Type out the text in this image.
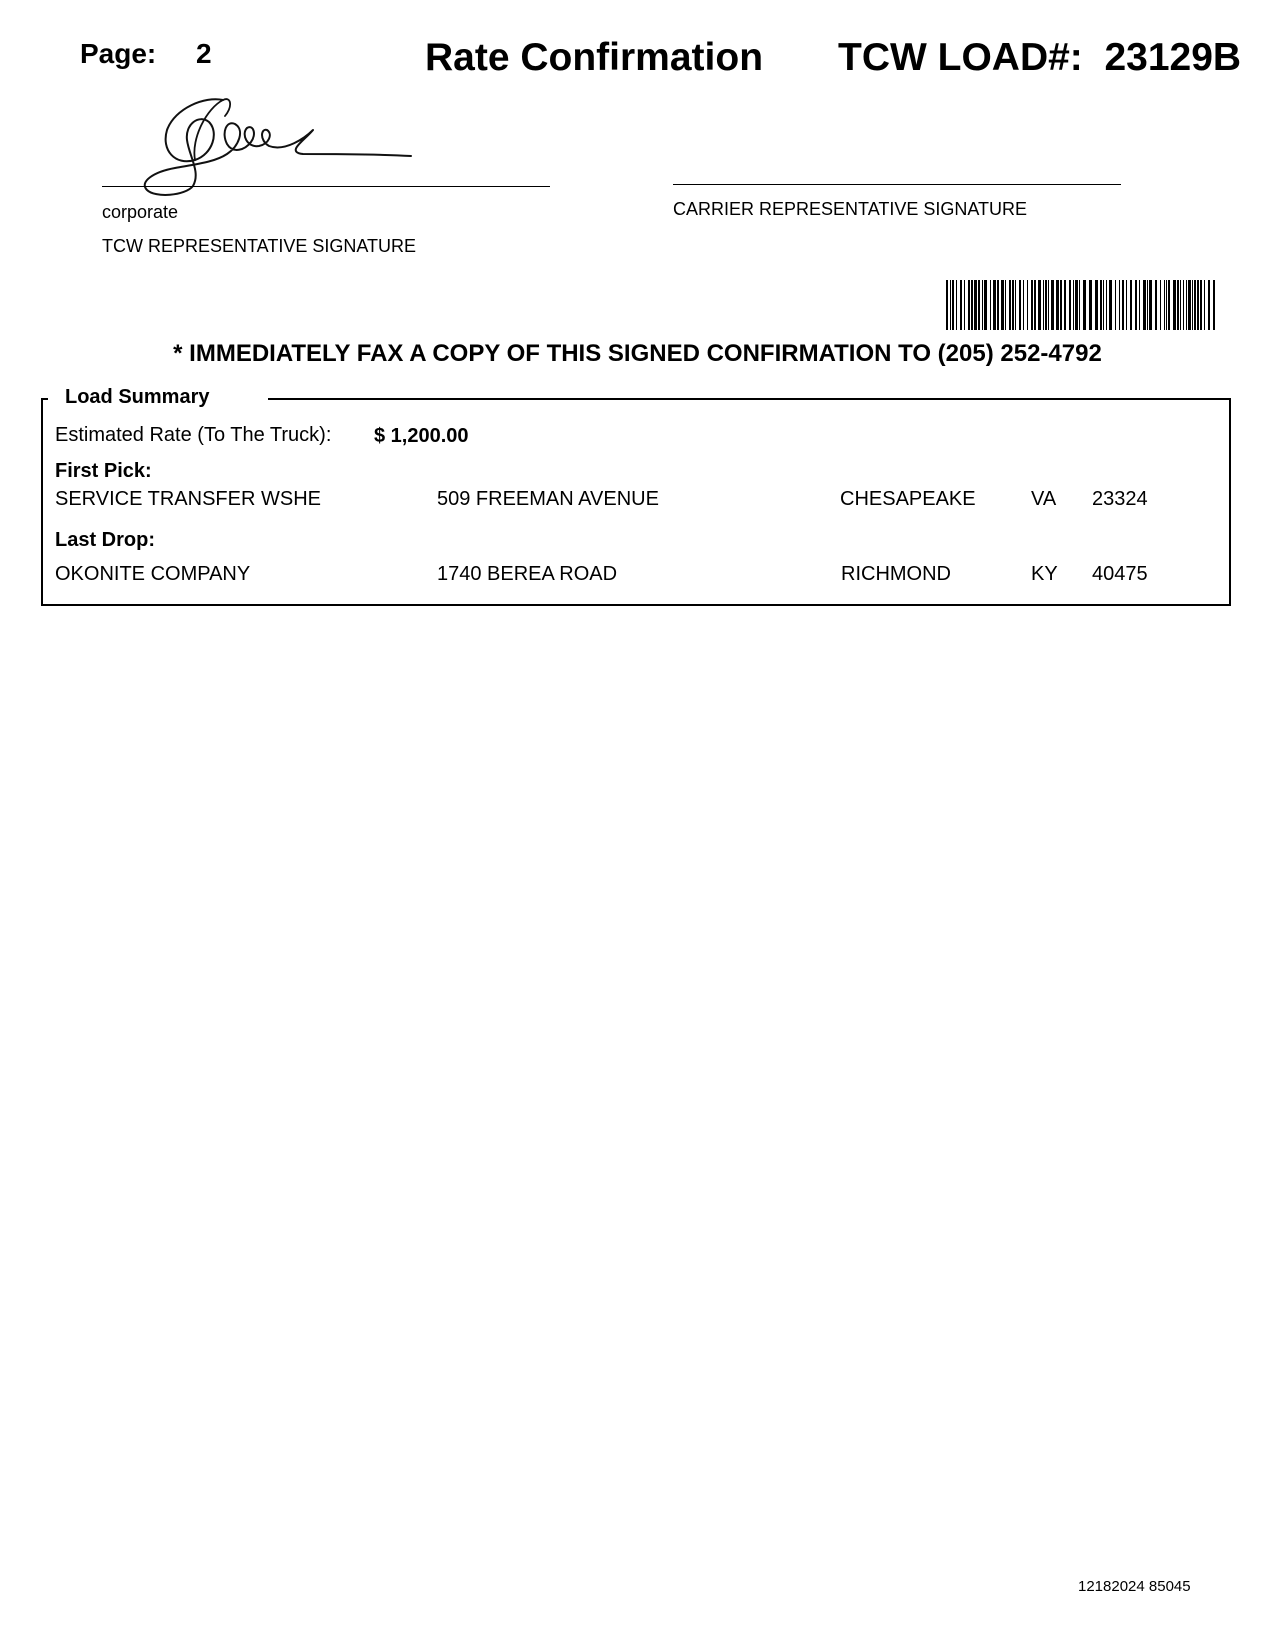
Page: 2	Rate Confirmation TCW LOAD#: 23129B
corporate
TCW REPRESENTATIVE SIGNATURE
CARRIER REPRESENTATIVE SIGNATURE
* IMMEDIATELY FAX A COPY OF THIS SIGNED CONFIRMATION TO (205) 252-4792
Load Summary
Estimated Rate (To The Truck): $ 1,200.00
First Pick:
SERVICE TRANSFER WSHE	509 FREEMAN AVENUE	CHESAPEAKE	VA 23324
Last Drop:
OKONITE COMPANY	1740 BEREA ROAD	RICHMOND	KY 40475
12182024 85045
